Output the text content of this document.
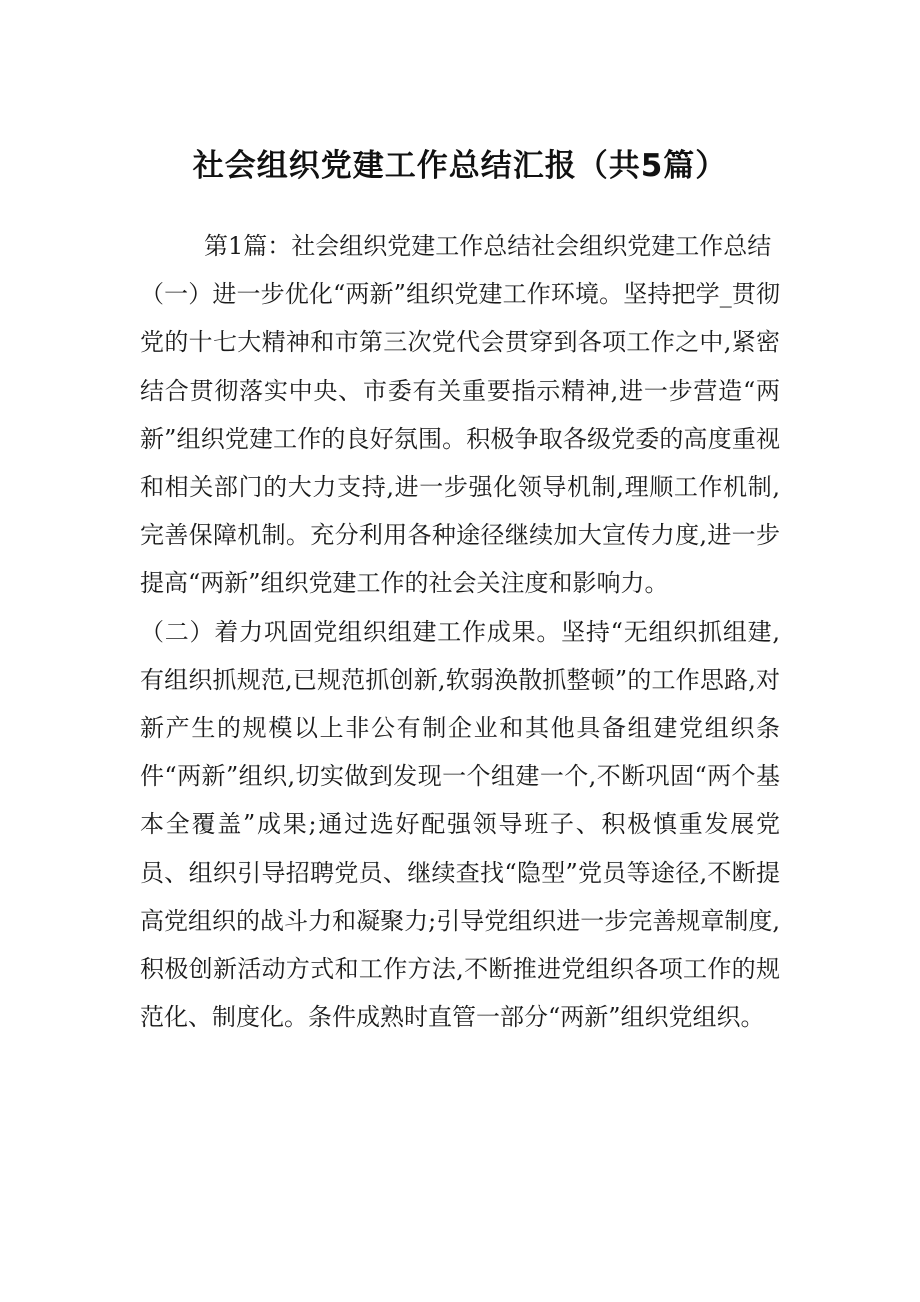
社会组织党建工作总结汇报（共5篇）

第1篇：社会组织党建工作总结社会组织党建工作总结

（一）进一步优化“两新”组织党建工作环境。坚持把学_贯彻党的十七大精神和市第三次党代会贯穿到各项工作之中,紧密结合贯彻落实中央、市委有关重要指示精神,进一步营造“两新”组织党建工作的良好氛围。积极争取各级党委的高度重视和相关部门的大力支持,进一步强化领导机制,理顺工作机制,完善保障机制。充分利用各种途径继续加大宣传力度,进一步提高“两新”组织党建工作的社会关注度和影响力。

（二）着力巩固党组织组建工作成果。坚持“无组织抓组建,有组织抓规范,已规范抓创新,软弱涣散抓整顿”的工作思路,对新产生的规模以上非公有制企业和其他具备组建党组织条件“两新”组织,切实做到发现一个组建一个,不断巩固“两个基本全覆盖”成果;通过选好配强领导班子、积极慎重发展党员、组织引导招聘党员、继续查找“隐型”党员等途径,不断提高党组织的战斗力和凝聚力;引导党组织进一步完善规章制度,积极创新活动方式和工作方法,不断推进党组织各项工作的规范化、制度化。条件成熟时直管一部分“两新”组织党组织。
